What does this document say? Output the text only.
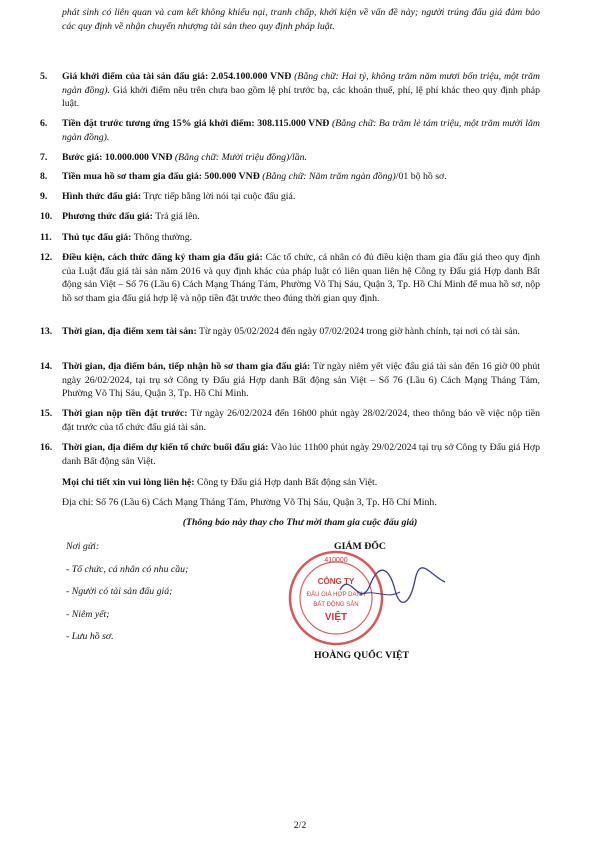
phát sinh có liên quan và cam kết không khiếu nại, tranh chấp, khởi kiện về vấn đề này; người trúng đấu giá đảm bảo các quy định về nhận chuyển nhượng tài sản theo quy định pháp luật.
5. Giá khởi điểm của tài sản đấu giá: 2.054.100.000 VNĐ (Bằng chữ: Hai tỷ, không trăm năm mươi bốn triệu, một trăm ngàn đồng). Giá khởi điểm nêu trên chưa bao gồm lệ phí trước bạ, các khoản thuế, phí, lệ phí khác theo quy định pháp luật.
6. Tiền đặt trước tương ứng 15% giá khởi điểm: 308.115.000 VNĐ (Bằng chữ: Ba trăm lẻ tám triệu, một trăm mười lăm ngàn đồng).
7. Bước giá: 10.000.000 VNĐ (Bằng chữ: Mười triệu đồng)/lần.
8. Tiền mua hồ sơ tham gia đấu giá: 500.000 VNĐ (Bằng chữ: Năm trăm ngàn đồng)/01 bộ hồ sơ.
9. Hình thức đấu giá: Trực tiếp bằng lời nói tại cuộc đấu giá.
10. Phương thức đấu giá: Trả giá lên.
11. Thủ tục đấu giá: Thông thường.
12. Điều kiện, cách thức đăng ký tham gia đấu giá: Các tổ chức, cá nhân có đủ điều kiện tham gia đấu giá theo quy định của Luật đấu giá tài sản năm 2016 và quy định khác của pháp luật có liên quan liên hệ Công ty Đấu giá Hợp danh Bất động sản Việt – Số 76 (Lầu 6) Cách Mạng Tháng Tám, Phường Võ Thị Sáu, Quận 3, Tp. Hồ Chí Minh để mua hồ sơ, nộp hồ sơ tham gia đấu giá hợp lệ và nộp tiền đặt trước theo đúng thời gian quy định.
13. Thời gian, địa điểm xem tài sản: Từ ngày 05/02/2024 đến ngày 07/02/2024 trong giờ hành chính, tại nơi có tài sản.
14. Thời gian, địa điểm bán, tiếp nhận hồ sơ tham gia đấu giá: Từ ngày niêm yết việc đấu giá tài sản đến 16 giờ 00 phút ngày 26/02/2024, tại trụ sở Công ty Đấu giá Hợp danh Bất động sản Việt – Số 76 (Lầu 6) Cách Mạng Tháng Tám, Phường Võ Thị Sáu, Quận 3, Tp. Hồ Chí Minh.
15. Thời gian nộp tiền đặt trước: Từ ngày 26/02/2024 đến 16h00 phút ngày 28/02/2024, theo thông báo về việc nộp tiền đặt trước của tổ chức đấu giá tài sản.
16. Thời gian, địa điểm dự kiến tổ chức buổi đấu giá: Vào lúc 11h00 phút ngày 29/02/2024 tại trụ sở Công ty Đấu giá Hợp danh Bất động sản Việt.
Mọi chi tiết xin vui lòng liên hệ: Công ty Đấu giá Hợp danh Bất động sản Việt.
Địa chỉ: Số 76 (Lầu 6) Cách Mạng Tháng Tám, Phường Võ Thị Sáu, Quận 3, Tp. Hồ Chí Minh.
(Thông báo này thay cho Thư mời tham gia cuộc đấu giá)
Nơi gửi:
- Tổ chức, cá nhân có nhu cầu;
- Người có tài sản đấu giá;
- Niêm yết;
- Lưu hồ sơ.
410000
CÔNG TY
ĐẤU GIÁ HỢP DANH
BẤT ĐỘNG SẢN
VIỆT
GIÁM ĐỐC
HOÀNG QUỐC VIỆT
2/2
